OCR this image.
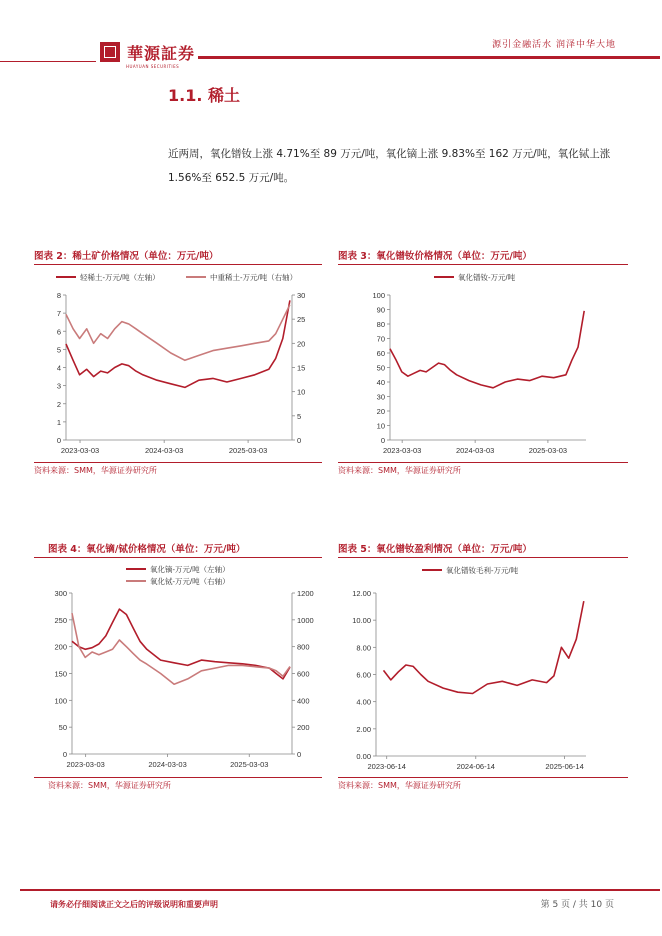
華源証券
HUAYUAN SECURITIES
源引金融活水 润泽中华大地
1.1. 稀土
近两周，氧化镨钕上涨 4.71%至 89 万元/吨，氧化镝上涨 9.83%至 162 万元/吨，氧化铽上涨 1.56%至 652.5 万元/吨。
图表 2：稀土矿价格情况（单位：万元/吨）
0
1
2
3
4
5
6
7
8
0
5
10
15
20
25
30
2023-03-03	2024-03-03	2025-03-03
轻稀土-万元/吨（左轴）	中重稀土-万元/吨（右轴）
资料来源：SMM，华源证券研究所
图表 3：氧化镨钕价格情况（单位：万元/吨）
0
10
20
30
40
50
60
70
80
90
100
2023-03-03	2024-03-03	2025-03-03
氧化镨钕-万元/吨
资料来源：SMM，华源证券研究所
图表 4：氧化镝/铽价格情况（单位：万元/吨）
0
50
100
150
200
250
300
0
200
400
600
800
1000
1200
2023-03-03	2024-03-03	2025-03-03
氧化镝-万元/吨（左轴）
氧化铽-万元/吨（右轴）
资料来源：SMM，华源证券研究所
图表 5：氧化镨钕盈利情况（单位：万元/吨）
0.00
2.00
4.00
6.00
8.00
10.00
12.00
2023-06-14	2024-06-14	2025-06-14
氧化镨钕毛利-万元/吨
资料来源：SMM，华源证券研究所
请务必仔细阅读正文之后的评级说明和重要声明	第 5 页 / 共 10 页
